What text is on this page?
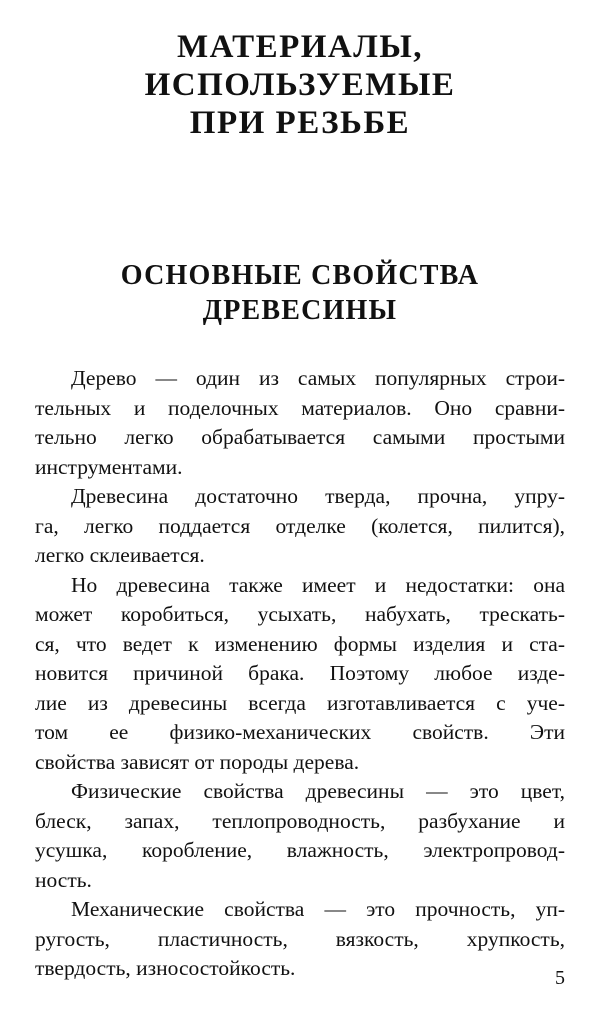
МАТЕРИАЛЫ,
ИСПОЛЬЗУЕМЫЕ
ПРИ РЕЗЬБЕ
ОСНОВНЫЕ СВОЙСТВА
ДРЕВЕСИНЫ
Дерево — один из самых популярных строи-
тельных и поделочных материалов. Оно сравни-
тельно легко обрабатывается самыми простыми
инструментами.
Древесина достаточно тверда, прочна, упру-
га, легко поддается отделке (колется, пилится),
легко склеивается.
Но древесина также имеет и недостатки: она
может коробиться, усыхать, набухать, трескать-
ся, что ведет к изменению формы изделия и ста-
новится причиной брака. Поэтому любое изде-
лие из древесины всегда изготавливается с уче-
том ее физико-механических свойств. Эти
свойства зависят от породы дерева.
Физические свойства древесины — это цвет,
блеск, запах, теплопроводность, разбухание и
усушка, коробление, влажность, электропровод-
ность.
Механические свойства — это прочность, уп-
ругость, пластичность, вязкость, хрупкость,
твердость, износостойкость.	5
